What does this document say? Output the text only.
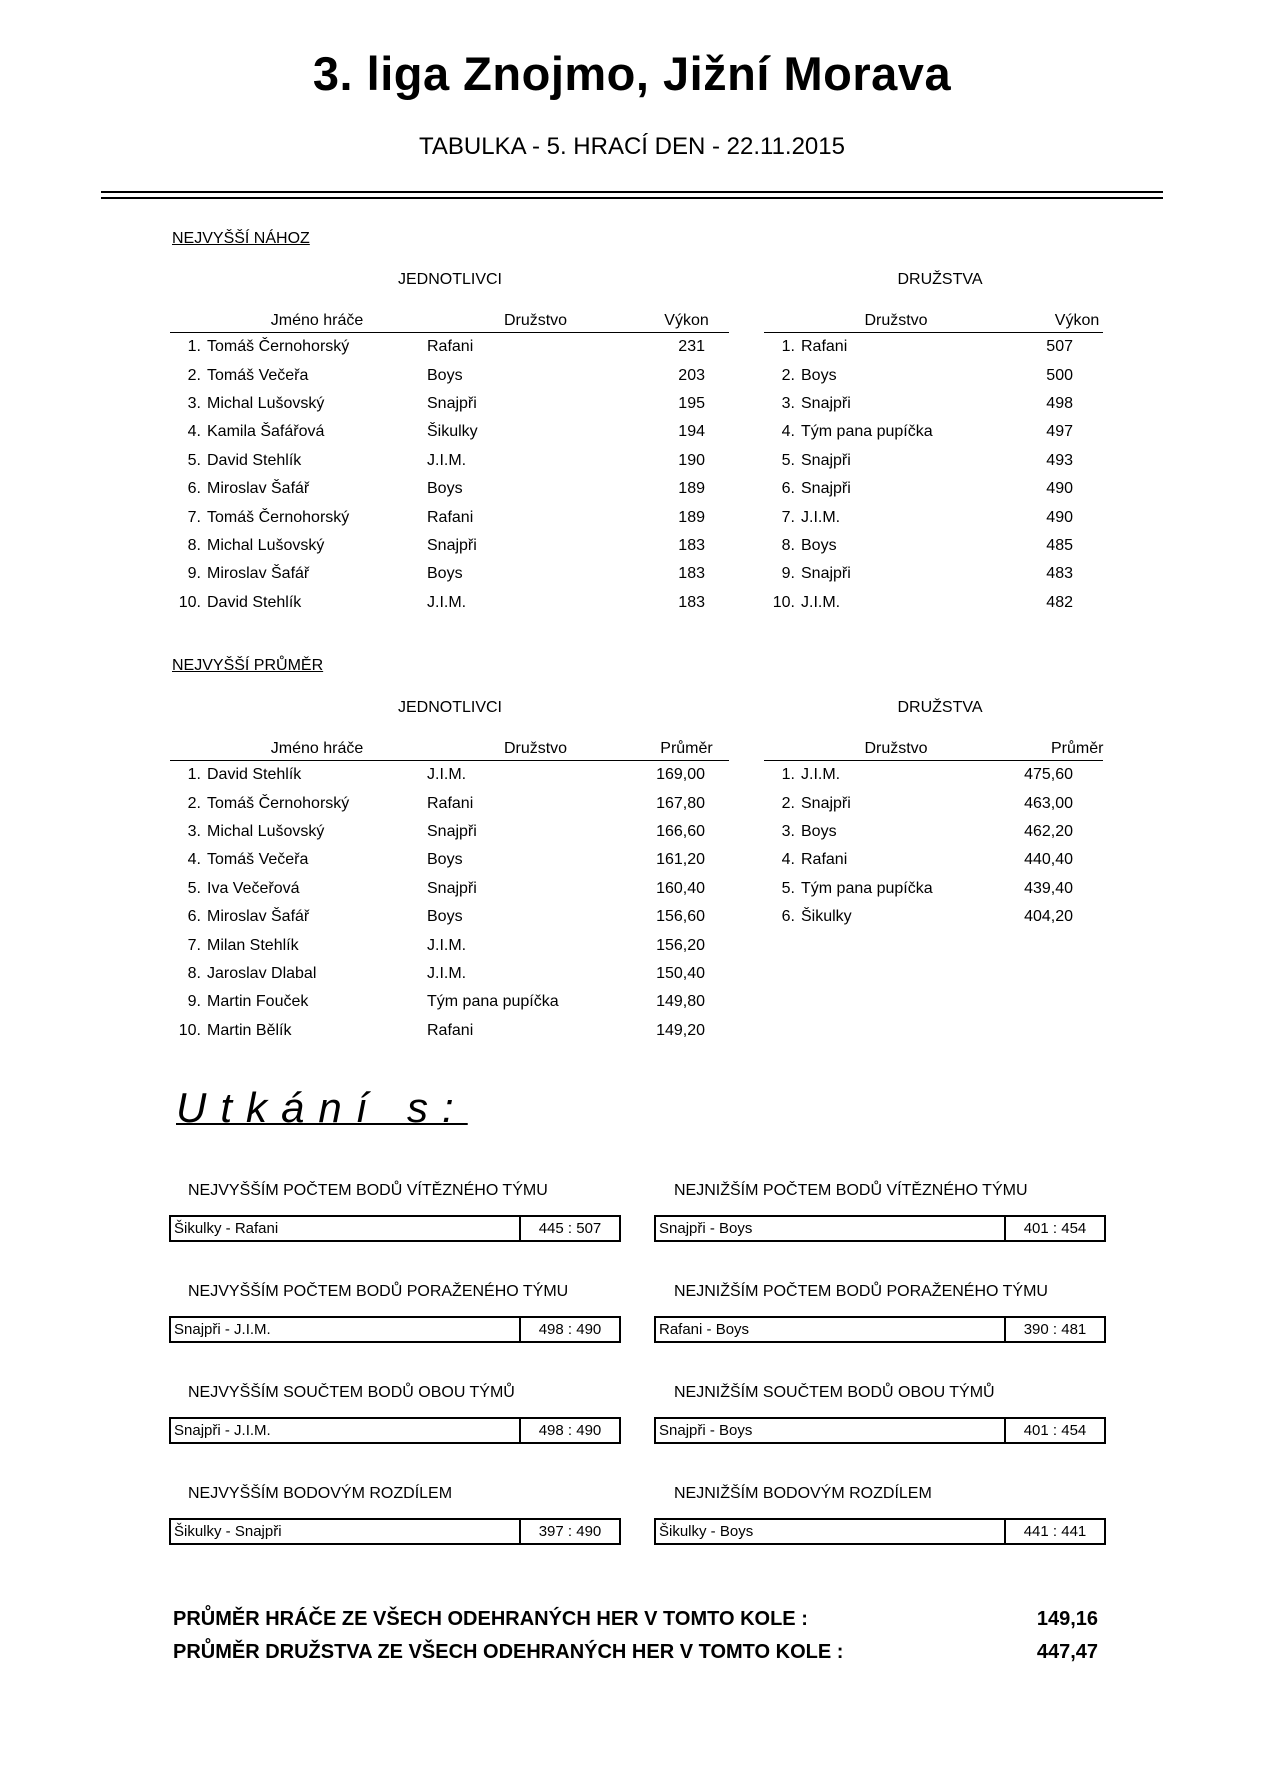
3. liga Znojmo, Jižní Morava
TABULKA - 5. HRACÍ DEN - 22.11.2015
NEJVYŠŠÍ NÁHOZ
JEDNOTLIVCI	DRUŽSTVA
	Jméno hráče	Družstvo	Výkon	
1.	Tomáš Černohorský	Rafani	231	
2.	Tomáš Večeřa	Boys	203	
3.	Michal Lušovský	Snajpři	195	
4.	Kamila Šafářová	Šikulky	194	
5.	David Stehlík	J.I.M.	190	
6.	Miroslav Šafář	Boys	189	
7.	Tomáš Černohorský	Rafani	189	
8.	Michal Lušovský	Snajpři	183	
9.	Miroslav Šafář	Boys	183	
10.	David Stehlík	J.I.M.	183	
	Družstvo	Výkon	
1.	Rafani	507	
2.	Boys	500	
3.	Snajpři	498	
4.	Tým pana pupíčka	497	
5.	Snajpři	493	
6.	Snajpři	490	
7.	J.I.M.	490	
8.	Boys	485	
9.	Snajpři	483	
10.	J.I.M.	482	
NEJVYŠŠÍ PRŮMĚR
JEDNOTLIVCI	DRUŽSTVA
	Jméno hráče	Družstvo	Průměr	
1.	David Stehlík	J.I.M.	169,00	
2.	Tomáš Černohorský	Rafani	167,80	
3.	Michal Lušovský	Snajpři	166,60	
4.	Tomáš Večeřa	Boys	161,20	
5.	Iva Večeřová	Snajpři	160,40	
6.	Miroslav Šafář	Boys	156,60	
7.	Milan Stehlík	J.I.M.	156,20	
8.	Jaroslav Dlabal	J.I.M.	150,40	
9.	Martin Fouček	Tým pana pupíčka	149,80	
10.	Martin Bělík	Rafani	149,20	
	Družstvo	Průměr	
1.	J.I.M.	475,60	
2.	Snajpři	463,00	
3.	Boys	462,20	
4.	Rafani	440,40	
5.	Tým pana pupíčka	439,40	
6.	Šikulky	404,20	
Utkání s:
NEJVYŠŠÍM POČTEM BODŮ VÍTĚZNÉHO TÝMU
Šikulky - Rafani	445 : 507
NEJNIŽŠÍM POČTEM BODŮ VÍTĚZNÉHO TÝMU
Snajpři - Boys	401 : 454
NEJVYŠŠÍM POČTEM BODŮ PORAŽENÉHO TÝMU
Snajpři - J.I.M.	498 : 490
NEJNIŽŠÍM POČTEM BODŮ PORAŽENÉHO TÝMU
Rafani - Boys	390 : 481
NEJVYŠŠÍM SOUČTEM BODŮ OBOU TÝMŮ
Snajpři - J.I.M.	498 : 490
NEJNIŽŠÍM SOUČTEM BODŮ OBOU TÝMŮ
Snajpři - Boys	401 : 454
NEJVYŠŠÍM BODOVÝM ROZDÍLEM
Šikulky - Snajpři	397 : 490
NEJNIŽŠÍM BODOVÝM ROZDÍLEM
Šikulky - Boys	441 : 441
PRŮMĚR HRÁČE ZE VŠECH ODEHRANÝCH HER V TOMTO KOLE :	149,16
PRŮMĚR DRUŽSTVA ZE VŠECH ODEHRANÝCH HER V TOMTO KOLE :	447,47
